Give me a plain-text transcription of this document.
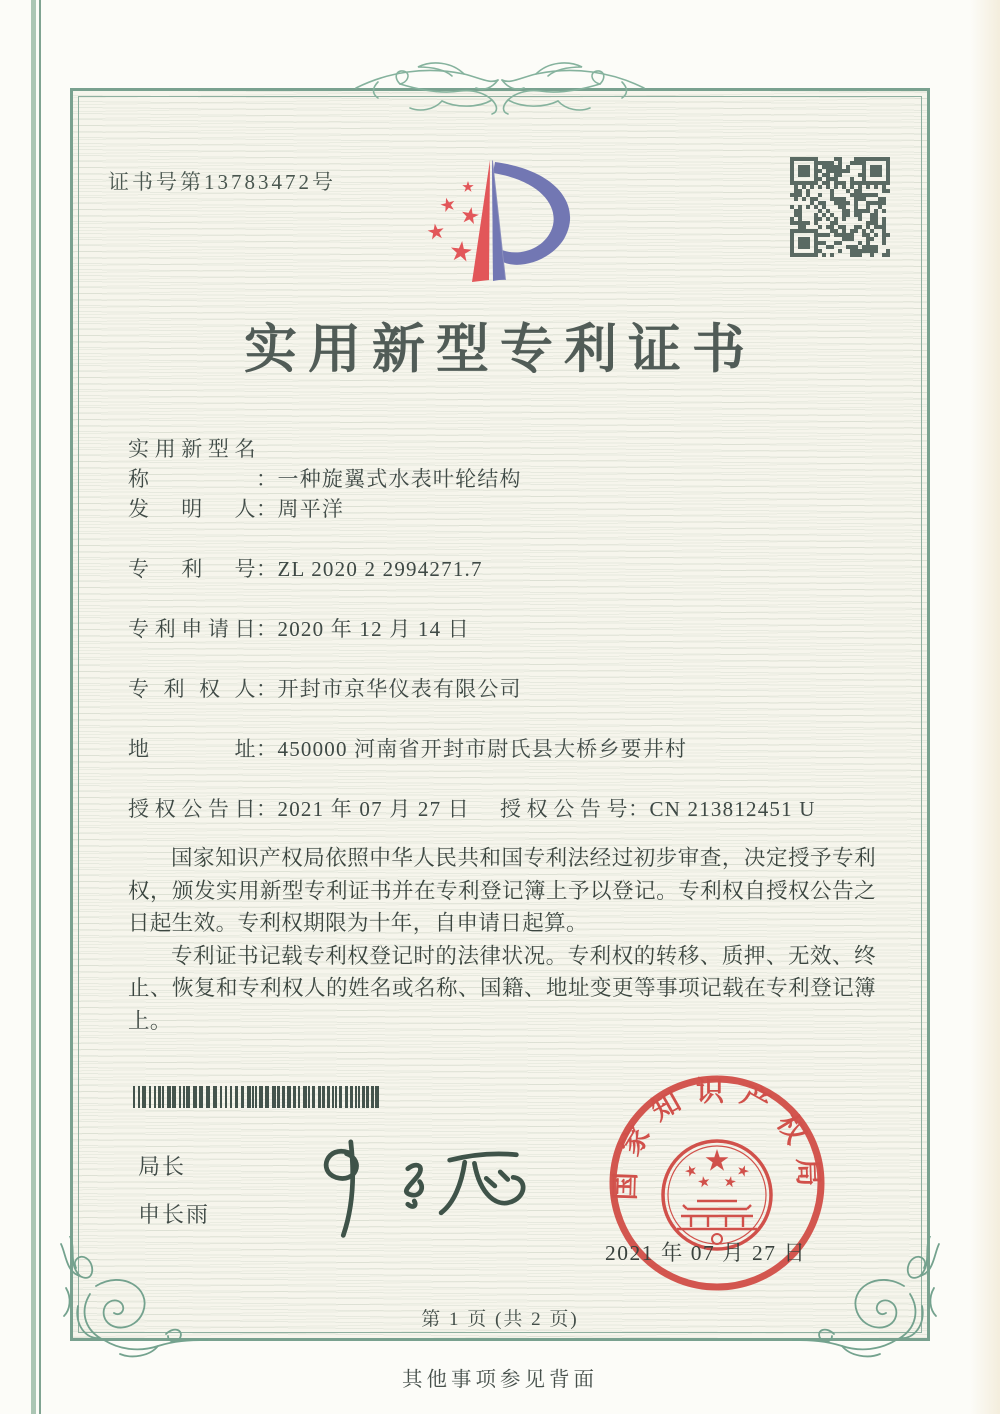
证书号第13783472号
实用新型专利证书
实用新型名称	：一种旋翼式水表叶轮结构
发明人：周平洋
专利号：ZL 2020 2 2994271.7
专利申请日：2020 年 12 月 14 日
专利权人：开封市京华仪表有限公司
地址：450000 河南省开封市尉氏县大桥乡要井村
授权公告日：2021 年 07 月 27 日 授权公告号：CN 213812451 U

国家知识产权局依照中华人民共和国专利法经过初步审查，决定授予专利权，颁发实用新型专利证书并在专利登记簿上予以登记。专利权自授权公告之日起生效。专利权期限为十年，自申请日起算。

专利证书记载专利权登记时的法律状况。专利权的转移、质押、无效、终止、恢复和专利权人的姓名或名称、国籍、地址变更等事项记载在专利登记簿上。

局长
申长雨
国家知识产权局
2021 年 07 月 27 日
第 1 页 (共 2 页)
其他事项参见背面
